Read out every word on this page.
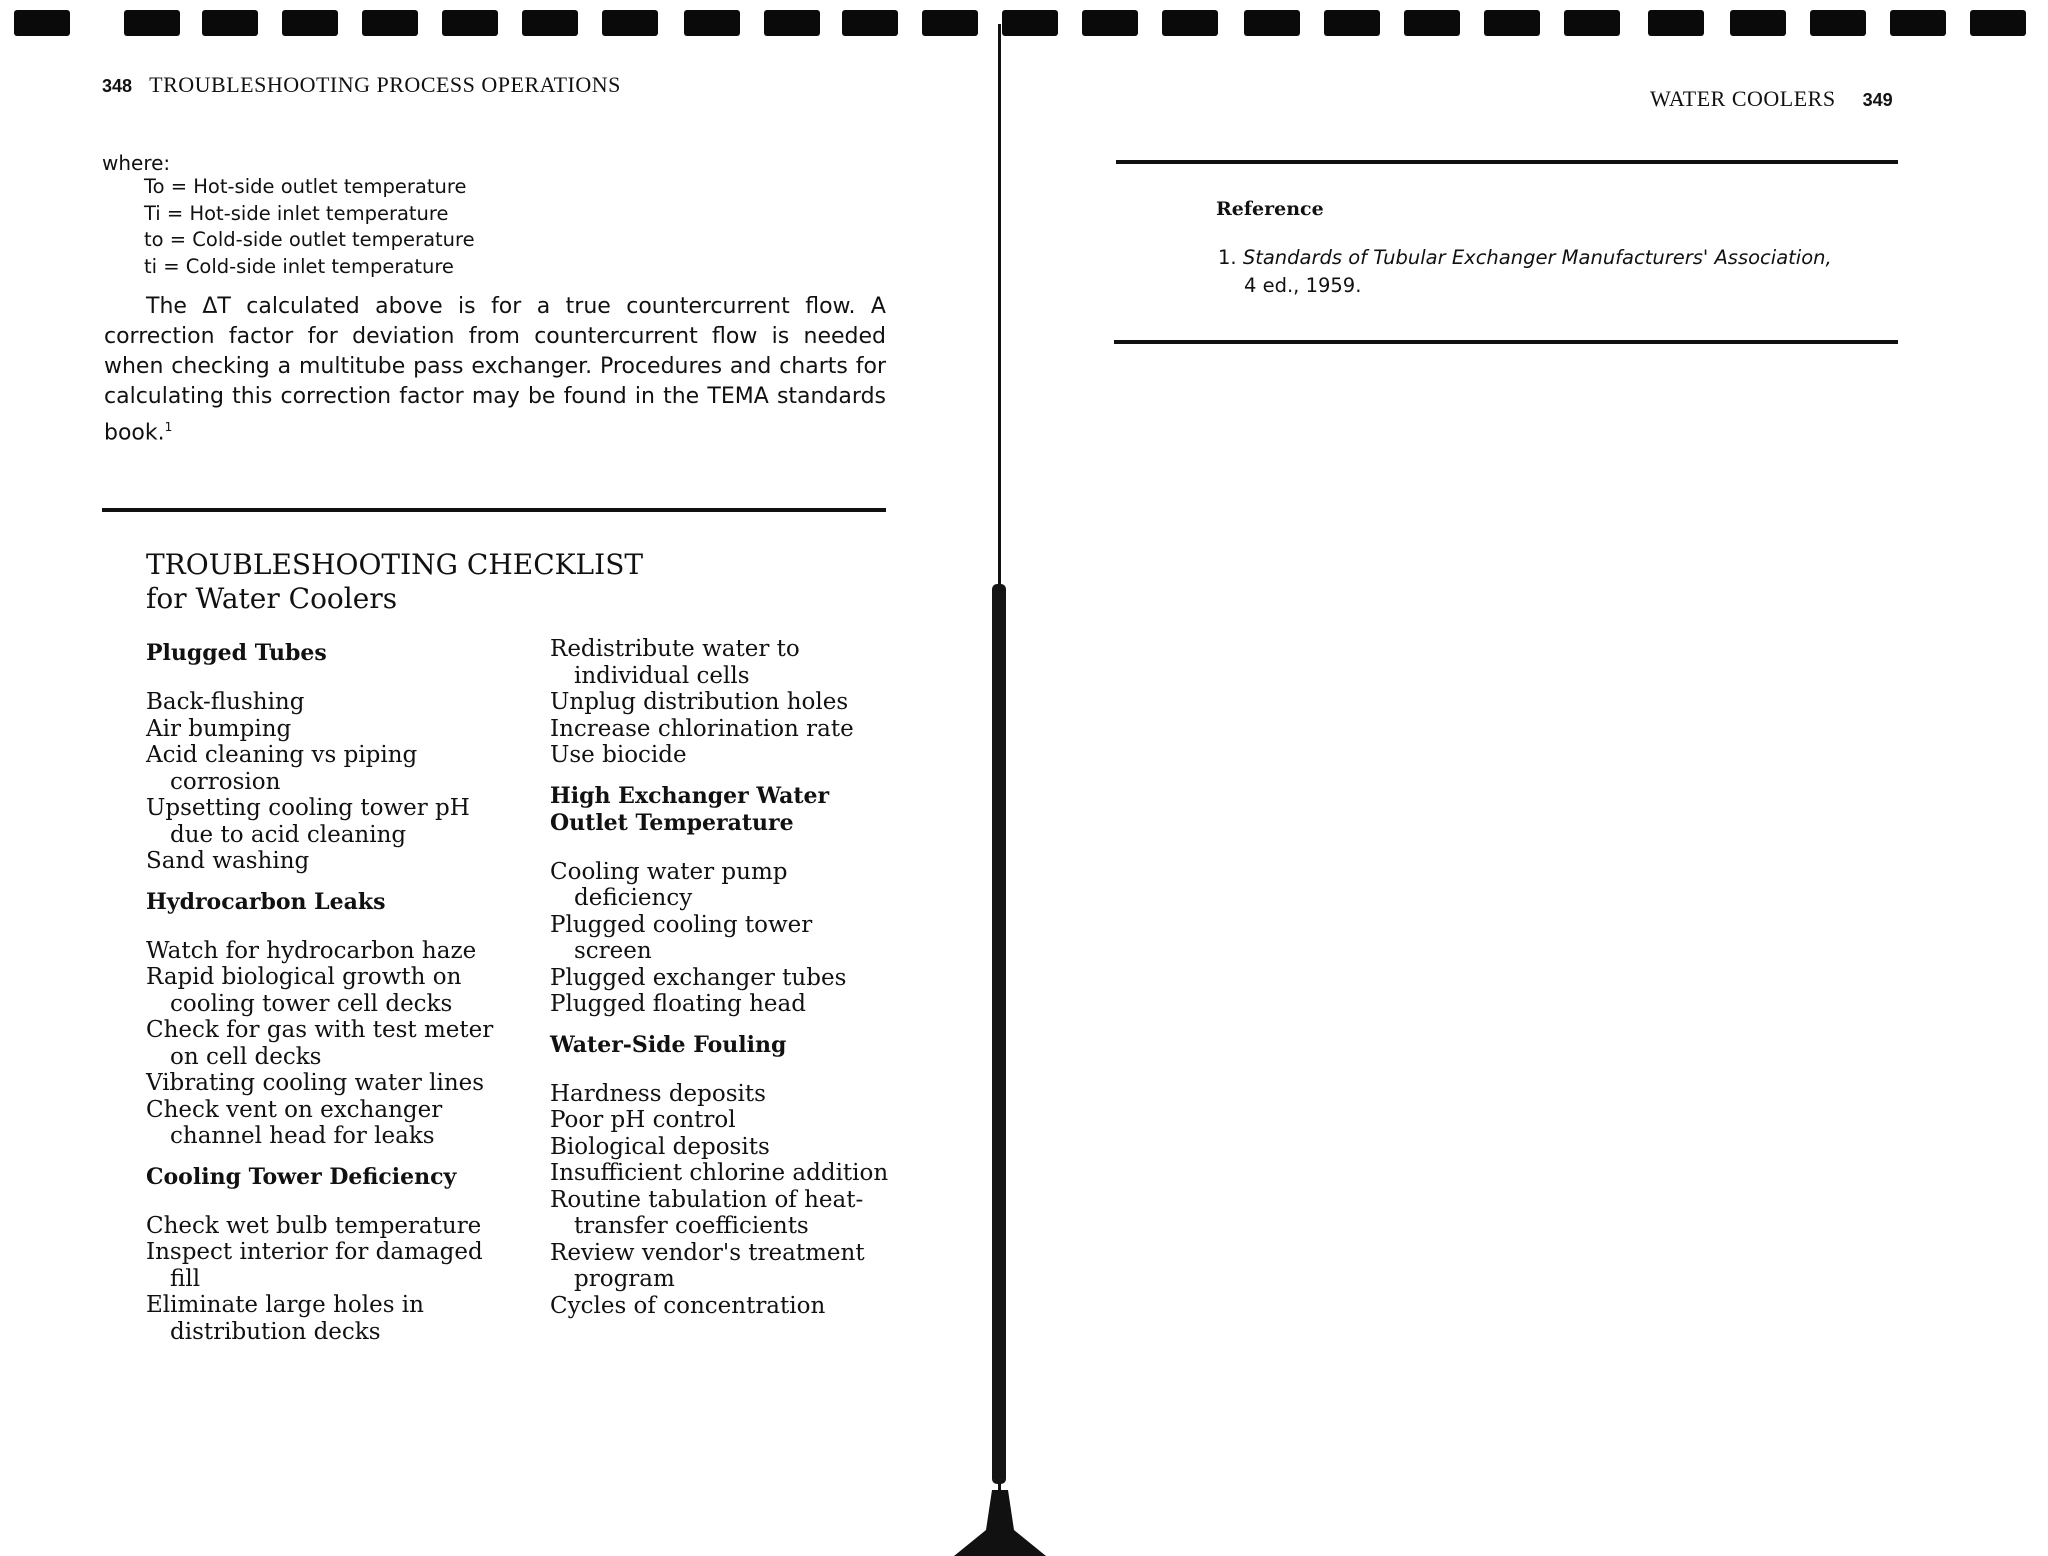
348 TROUBLESHOOTING PROCESS OPERATIONS
where:
To = Hot-side outlet temperature
Ti = Hot-side inlet temperature
to = Cold-side outlet temperature
ti = Cold-side inlet temperature
The ΔT calculated above is for a true countercurrent flow. A correction factor for deviation from countercurrent flow is needed when checking a multitube pass exchanger. Procedures and charts for calculating this correction factor may be found in the TEMA standards book.$^1$
TROUBLESHOOTING CHECKLIST
for Water Coolers
Plugged Tubes
Back-flushing
Air bumping
Acid cleaning vs piping corrosion
Upsetting cooling tower pH due to acid cleaning
Sand washing
Hydrocarbon Leaks
Watch for hydrocarbon haze
Rapid biological growth on cooling tower cell decks
Check for gas with test meter on cell decks
Vibrating cooling water lines
Check vent on exchanger channel head for leaks
Cooling Tower Deficiency
Check wet bulb temperature
Inspect interior for damaged fill
Eliminate large holes in distribution decks
Redistribute water to individual cells
Unplug distribution holes
Increase chlorination rate
Use biocide
High Exchanger Water Outlet Temperature
Cooling water pump deficiency
Plugged cooling tower screen
Plugged exchanger tubes
Plugged floating head
Water-Side Fouling
Hardness deposits
Poor pH control
Biological deposits
Insufficient chlorine addition
Routine tabulation of heat-transfer coefficients
Review vendor's treatment program
Cycles of concentration
WATER COOLERS 349
Reference
1. Standards of Tubular Exchanger Manufacturers' Association,
4 ed., 1959.
